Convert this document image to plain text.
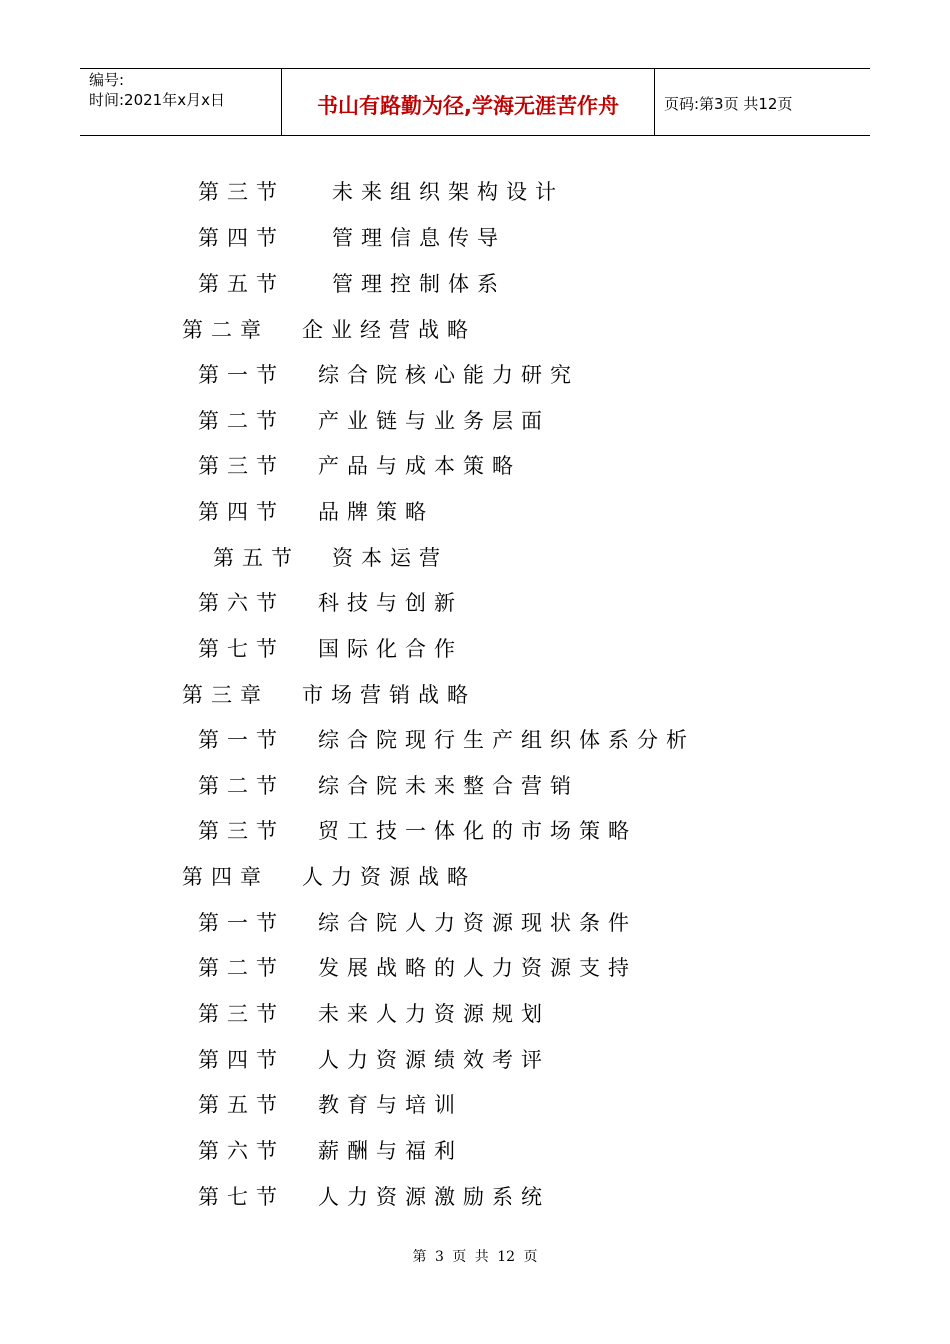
编号:
时间:2021年x月x日	书山有路勤为径,学海无涯苦作舟	页码:第3页 共12页
第三节 未来组织架构设计
第四节 管理信息传导
第五节 管理控制体系
第二章 企业经营战略
第一节 综合院核心能力研究
第二节 产业链与业务层面
第三节 产品与成本策略
第四节 品牌策略
第五节 资本运营
第六节 科技与创新
第七节 国际化合作
第三章 市场营销战略
第一节 综合院现行生产组织体系分析
第二节 综合院未来整合营销
第三节 贸工技一体化的市场策略
第四章 人力资源战略
第一节 综合院人力资源现状条件
第二节 发展战略的人力资源支持
第三节 未来人力资源规划
第四节 人力资源绩效考评
第五节 教育与培训
第六节 薪酬与福利
第七节 人力资源激励系统
第 3 页 共 12 页
